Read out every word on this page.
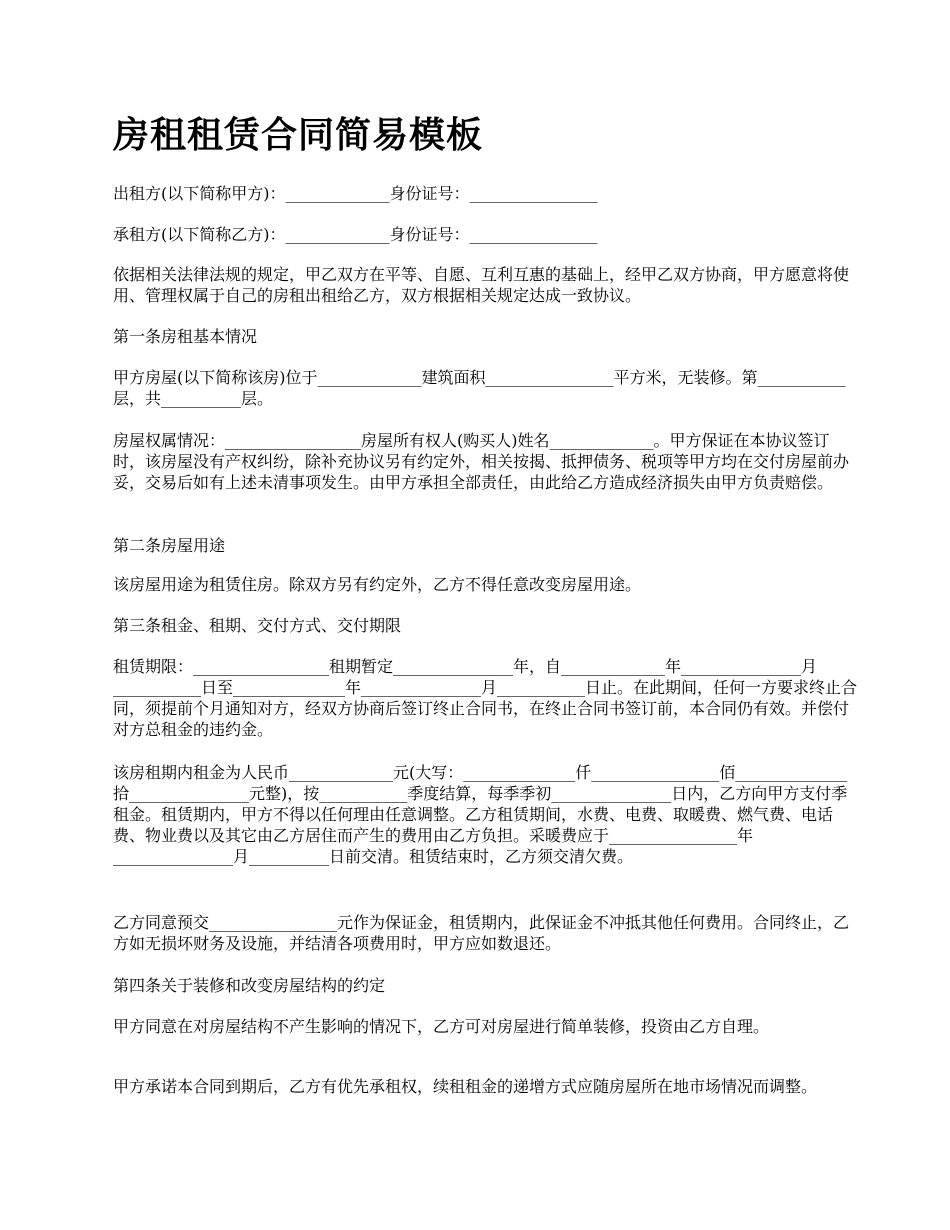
房租租赁合同简易模板

出租方(以下简称甲方)：_____________身份证号：________________

承租方(以下简称乙方)：_____________身份证号：________________

依据相关法律法规的规定，甲乙双方在平等、自愿、互利互惠的基础上，经甲乙双方协商，甲方愿意将使用、管理权属于自己的房租出租给乙方，双方根据相关规定达成一致协议。

第一条房租基本情况

甲方房屋(以下简称该房)位于_____________建筑面积________________平方米，无装修。第___________层，共__________层。

房屋权属情况：_________________房屋所有权人(购买人)姓名_____________。甲方保证在本协议签订时，该房屋没有产权纠纷，除补充协议另有约定外，相关按揭、抵押债务、税项等甲方均在交付房屋前办妥，交易后如有上述未清事项发生。由甲方承担全部责任，由此给乙方造成经济损失由甲方负责赔偿。

第二条房屋用途

该房屋用途为租赁住房。除双方另有约定外，乙方不得任意改变房屋用途。

第三条租金、租期、交付方式、交付期限

租赁期限：_________________租期暂定_______________年，自_____________年_______________月___________日至______________年_______________月___________日止。在此期间，任何一方要求终止合同，须提前个月通知对方，经双方协商后签订终止合同书，在终止合同书签订前，本合同仍有效。并偿付对方总租金的违约金。

该房租期内租金为人民币_____________元(大写：______________仟________________佰______________拾_______________元整)，按___________季度结算，每季季初_______________日内，乙方向甲方支付季租金。租赁期内，甲方不得以任何理由任意调整。乙方租赁期间，水费、电费、取暖费、燃气费、电话费、物业费以及其它由乙方居住而产生的费用由乙方负担。采暖费应于________________年_______________月__________日前交清。租赁结束时，乙方须交清欠费。

乙方同意预交________________元作为保证金，租赁期内，此保证金不冲抵其他任何费用。合同终止，乙方如无损坏财务及设施，并结清各项费用时，甲方应如数退还。

第四条关于装修和改变房屋结构的约定

甲方同意在对房屋结构不产生影响的情况下，乙方可对房屋进行简单装修，投资由乙方自理。

甲方承诺本合同到期后，乙方有优先承租权，续租租金的递增方式应随房屋所在地市场情况而调整。
